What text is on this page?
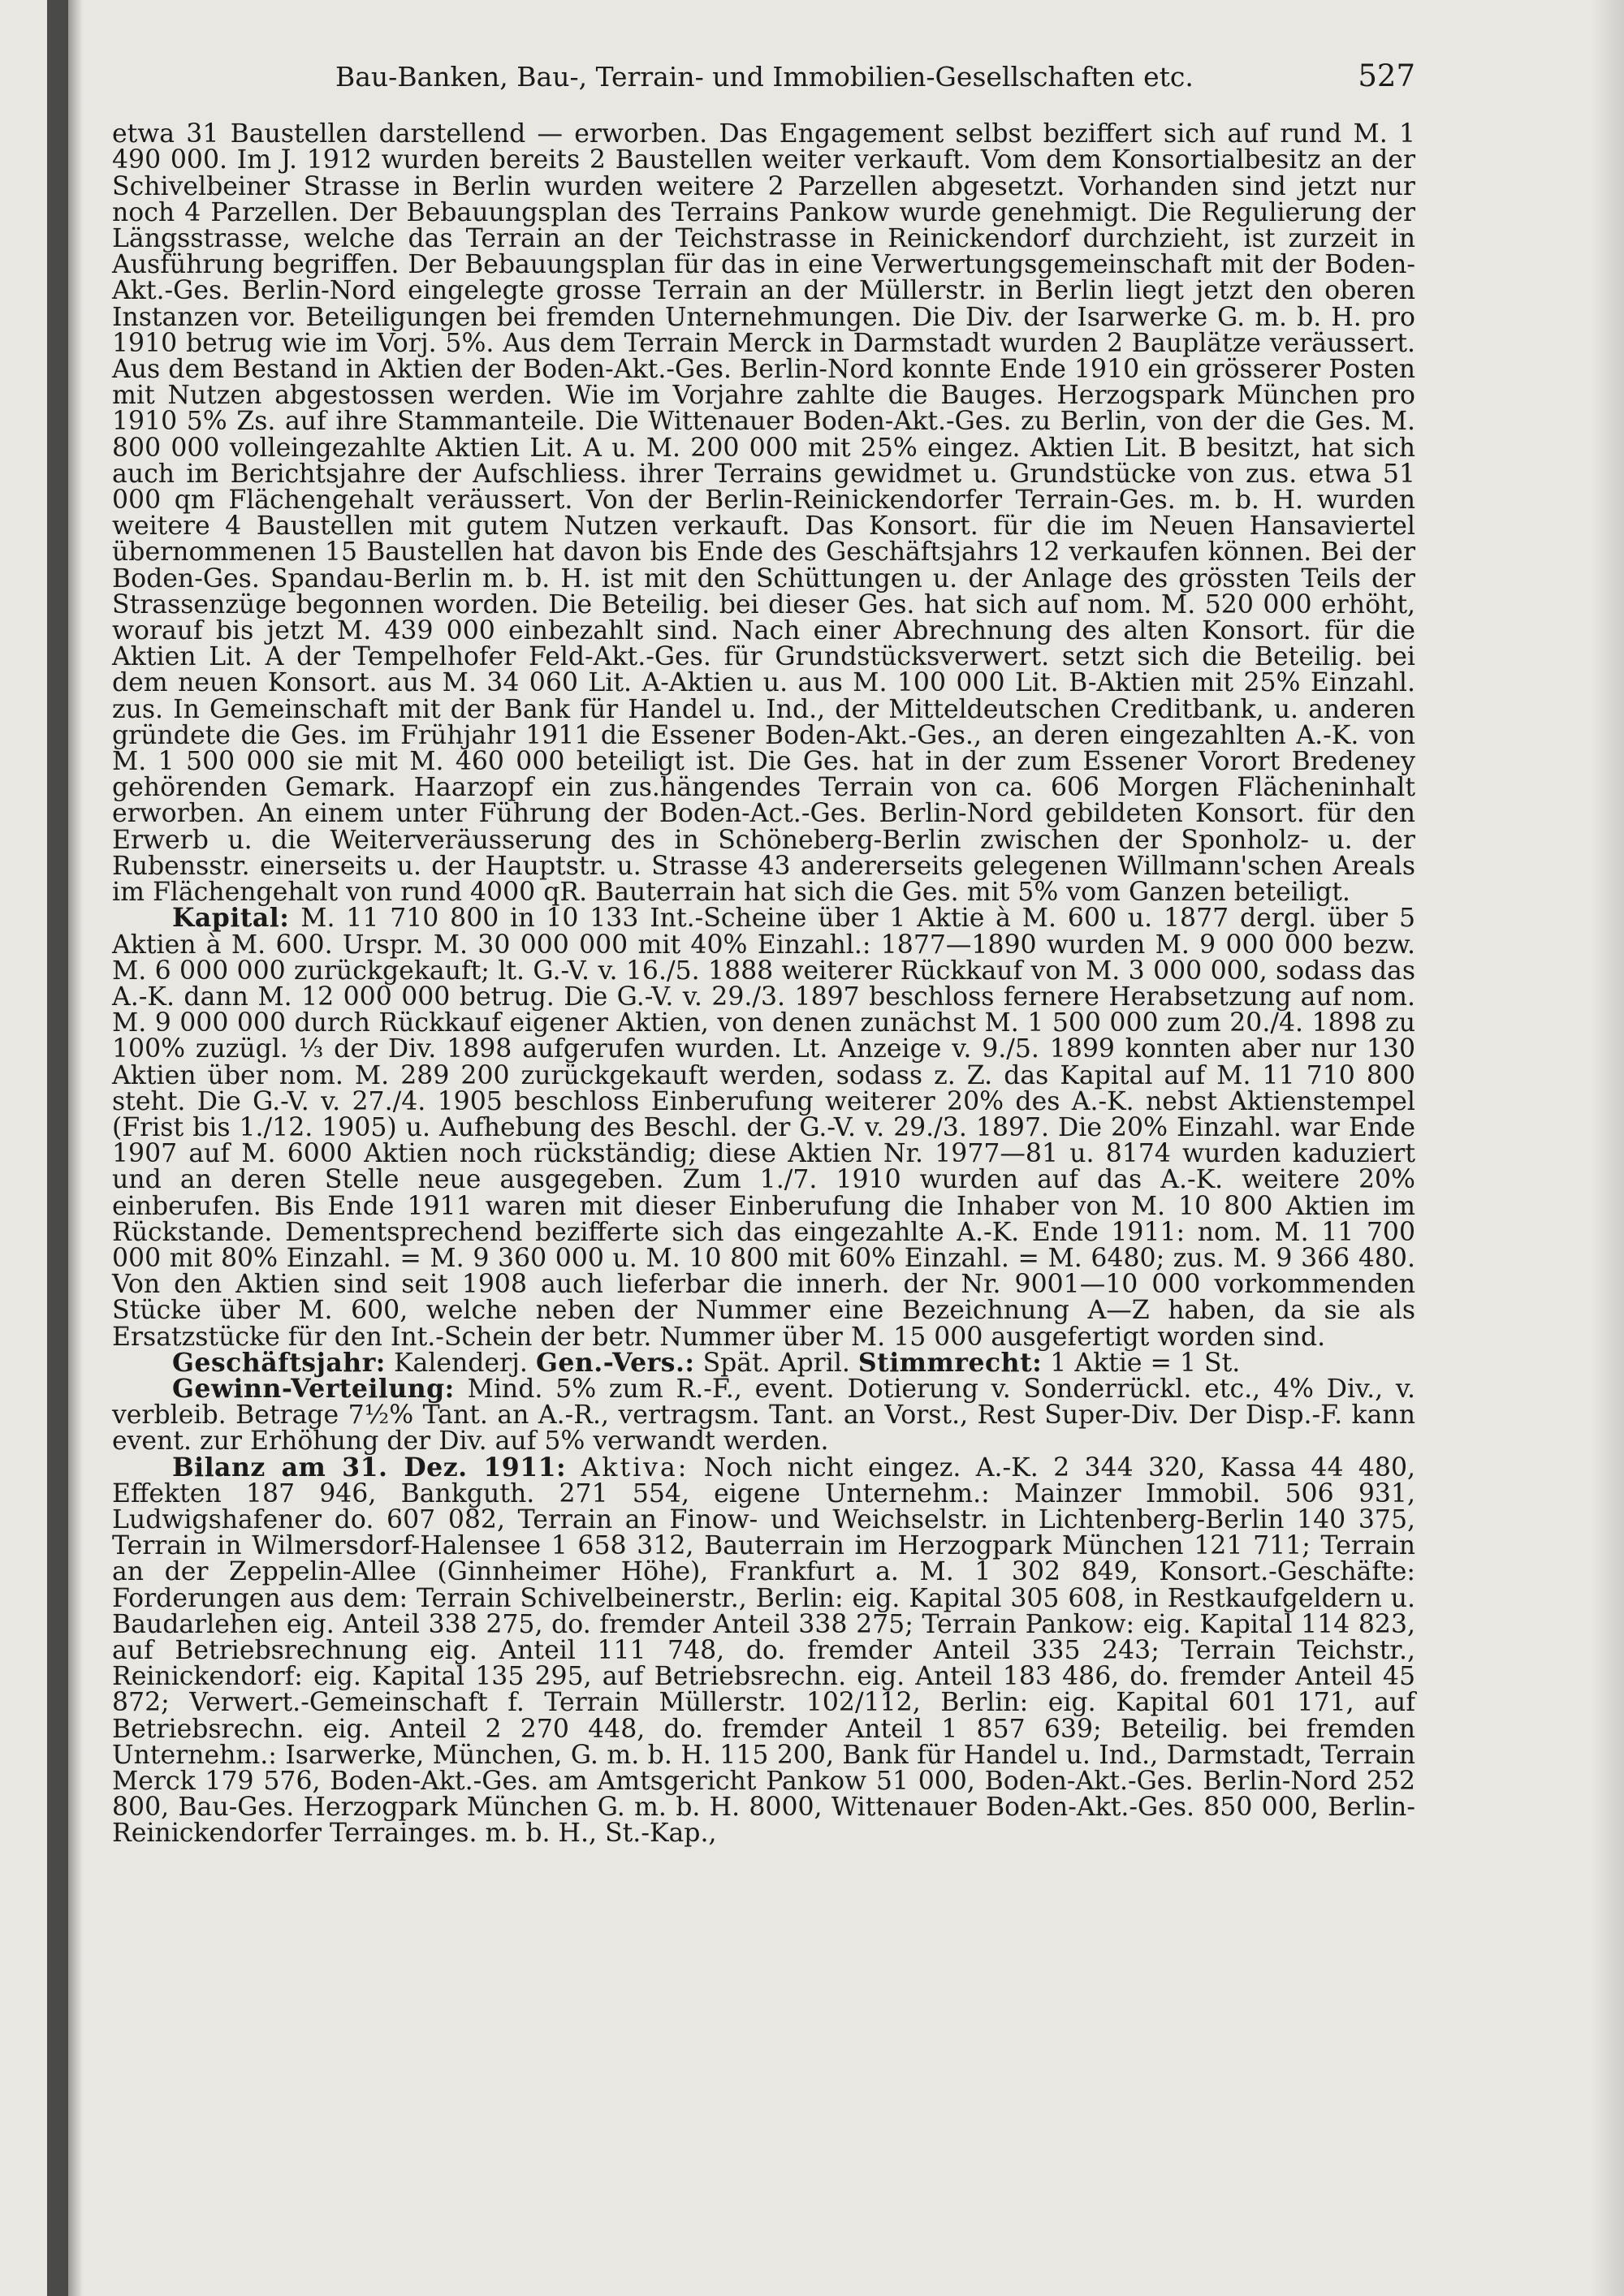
Bau-Banken, Bau-, Terrain- und Immobilien-Gesellschaften etc.	527

etwa 31 Baustellen darstellend — erworben. Das Engagement selbst beziffert sich auf rund M. 1 490 000. Im J. 1912 wurden bereits 2 Baustellen weiter verkauft. Vom dem Konsortialbesitz an der Schivelbeiner Strasse in Berlin wurden weitere 2 Parzellen abgesetzt. Vorhanden sind jetzt nur noch 4 Parzellen. Der Bebauungsplan des Terrains Pankow wurde genehmigt. Die Regulierung der Längsstrasse, welche das Terrain an der Teichstrasse in Reinickendorf durchzieht, ist zurzeit in Ausführung begriffen. Der Bebauungsplan für das in eine Verwertungsgemeinschaft mit der Boden-Akt.-Ges. Berlin-Nord eingelegte grosse Terrain an der Müllerstr. in Berlin liegt jetzt den oberen Instanzen vor. Beteiligungen bei fremden Unternehmungen. Die Div. der Isarwerke G. m. b. H. pro 1910 betrug wie im Vorj. 5%. Aus dem Terrain Merck in Darmstadt wurden 2 Bauplätze veräussert. Aus dem Bestand in Aktien der Boden-Akt.-Ges. Berlin-Nord konnte Ende 1910 ein grösserer Posten mit Nutzen abgestossen werden. Wie im Vorjahre zahlte die Bauges. Herzogspark München pro 1910 5% Zs. auf ihre Stammanteile. Die Wittenauer Boden-Akt.-Ges. zu Berlin, von der die Ges. M. 800 000 volleingezahlte Aktien Lit. A u. M. 200 000 mit 25% eingez. Aktien Lit. B besitzt, hat sich auch im Berichtsjahre der Aufschliess. ihrer Terrains gewidmet u. Grundstücke von zus. etwa 51 000 qm Flächengehalt veräussert. Von der Berlin-Reinickendorfer Terrain-Ges. m. b. H. wurden weitere 4 Baustellen mit gutem Nutzen verkauft. Das Konsort. für die im Neuen Hansaviertel übernommenen 15 Baustellen hat davon bis Ende des Geschäftsjahrs 12 verkaufen können. Bei der Boden-Ges. Spandau-Berlin m. b. H. ist mit den Schüttungen u. der Anlage des grössten Teils der Strassenzüge begonnen worden. Die Beteilig. bei dieser Ges. hat sich auf nom. M. 520 000 erhöht, worauf bis jetzt M. 439 000 einbezahlt sind. Nach einer Abrechnung des alten Konsort. für die Aktien Lit. A der Tempelhofer Feld-Akt.-Ges. für Grundstücksverwert. setzt sich die Beteilig. bei dem neuen Konsort. aus M. 34 060 Lit. A-Aktien u. aus M. 100 000 Lit. B-Aktien mit 25% Einzahl. zus. In Gemeinschaft mit der Bank für Handel u. Ind., der Mitteldeutschen Creditbank, u. anderen gründete die Ges. im Frühjahr 1911 die Essener Boden-Akt.-Ges., an deren eingezahlten A.-K. von M. 1 500 000 sie mit M. 460 000 beteiligt ist. Die Ges. hat in der zum Essener Vorort Bredeney gehörenden Gemark. Haarzopf ein zus.hängendes Terrain von ca. 606 Morgen Flächeninhalt erworben. An einem unter Führung der Boden-Act.-Ges. Berlin-Nord gebildeten Konsort. für den Erwerb u. die Weiterveräusserung des in Schöneberg-Berlin zwischen der Sponholz- u. der Rubensstr. einerseits u. der Hauptstr. u. Strasse 43 andererseits gelegenen Willmann'schen Areals im Flächengehalt von rund 4000 qR. Bauterrain hat sich die Ges. mit 5% vom Ganzen beteiligt.

Kapital: M. 11 710 800 in 10 133 Int.-Scheine über 1 Aktie à M. 600 u. 1877 dergl. über 5 Aktien à M. 600. Urspr. M. 30 000 000 mit 40% Einzahl.: 1877—1890 wurden M. 9 000 000 bezw. M. 6 000 000 zurückgekauft; lt. G.-V. v. 16./5. 1888 weiterer Rückkauf von M. 3 000 000, sodass das A.-K. dann M. 12 000 000 betrug. Die G.-V. v. 29./3. 1897 beschloss fernere Herabsetzung auf nom. M. 9 000 000 durch Rückkauf eigener Aktien, von denen zunächst M. 1 500 000 zum 20./4. 1898 zu 100% zuzügl. ⅓ der Div. 1898 aufgerufen wurden. Lt. Anzeige v. 9./5. 1899 konnten aber nur 130 Aktien über nom. M. 289 200 zurückgekauft werden, sodass z. Z. das Kapital auf M. 11 710 800 steht. Die G.-V. v. 27./4. 1905 beschloss Einberufung weiterer 20% des A.-K. nebst Aktienstempel (Frist bis 1./12. 1905) u. Aufhebung des Beschl. der G.-V. v. 29./3. 1897. Die 20% Einzahl. war Ende 1907 auf M. 6000 Aktien noch rückständig; diese Aktien Nr. 1977—81 u. 8174 wurden kaduziert und an deren Stelle neue ausgegeben. Zum 1./7. 1910 wurden auf das A.-K. weitere 20% einberufen. Bis Ende 1911 waren mit dieser Einberufung die Inhaber von M. 10 800 Aktien im Rückstande. Dementsprechend bezifferte sich das eingezahlte A.-K. Ende 1911: nom. M. 11 700 000 mit 80% Einzahl. = M. 9 360 000 u. M. 10 800 mit 60% Einzahl. = M. 6480; zus. M. 9 366 480. Von den Aktien sind seit 1908 auch lieferbar die innerh. der Nr. 9001—10 000 vorkommenden Stücke über M. 600, welche neben der Nummer eine Bezeichnung A—Z haben, da sie als Ersatzstücke für den Int.-Schein der betr. Nummer über M. 15 000 ausgefertigt worden sind.

Geschäftsjahr: Kalenderj. Gen.-Vers.: Spät. April. Stimmrecht: 1 Aktie = 1 St.

Gewinn-Verteilung: Mind. 5% zum R.-F., event. Dotierung v. Sonderrückl. etc., 4% Div., v. verbleib. Betrage 7½% Tant. an A.-R., vertragsm. Tant. an Vorst., Rest Super-Div. Der Disp.-F. kann event. zur Erhöhung der Div. auf 5% verwandt werden.

Bilanz am 31. Dez. 1911: Aktiva: Noch nicht eingez. A.-K. 2 344 320, Kassa 44 480, Effekten 187 946, Bankguth. 271 554, eigene Unternehm.: Mainzer Immobil. 506 931, Ludwigshafener do. 607 082, Terrain an Finow- und Weichselstr. in Lichtenberg-Berlin 140 375, Terrain in Wilmersdorf-Halensee 1 658 312, Bauterrain im Herzogpark München 121 711; Terrain an der Zeppelin-Allee (Ginnheimer Höhe), Frankfurt a. M. 1 302 849, Konsort.-Geschäfte: Forderungen aus dem: Terrain Schivelbeinerstr., Berlin: eig. Kapital 305 608, in Restkaufgeldern u. Baudarlehen eig. Anteil 338 275, do. fremder Anteil 338 275; Terrain Pankow: eig. Kapital 114 823, auf Betriebsrechnung eig. Anteil 111 748, do. fremder Anteil 335 243; Terrain Teichstr., Reinickendorf: eig. Kapital 135 295, auf Betriebsrechn. eig. Anteil 183 486, do. fremder Anteil 45 872; Verwert.-Gemeinschaft f. Terrain Müllerstr. 102/112, Berlin: eig. Kapital 601 171, auf Betriebsrechn. eig. Anteil 2 270 448, do. fremder Anteil 1 857 639; Beteilig. bei fremden Unternehm.: Isarwerke, München, G. m. b. H. 115 200, Bank für Handel u. Ind., Darmstadt, Terrain Merck 179 576, Boden-Akt.-Ges. am Amtsgericht Pankow 51 000, Boden-Akt.-Ges. Berlin-Nord 252 800, Bau-Ges. Herzogpark München G. m. b. H. 8000, Wittenauer Boden-Akt.-Ges. 850 000, Berlin-Reinickendorfer Terrainges. m. b. H., St.-Kap.,
